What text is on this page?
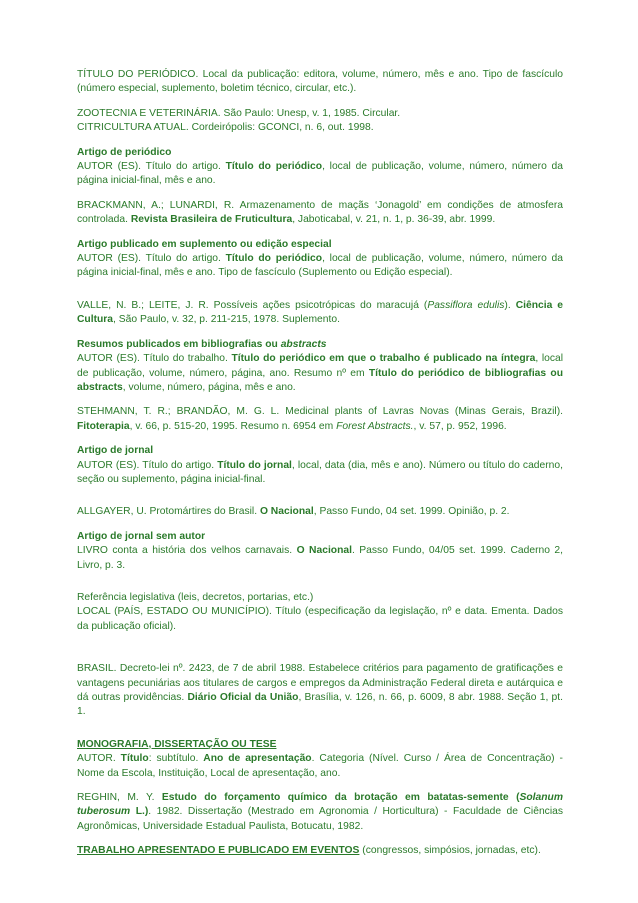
TÍTULO DO PERIÓDICO. Local da publicação: editora, volume, número, mês e ano. Tipo de fascículo (número especial, suplemento, boletim técnico, circular, etc.).

ZOOTECNIA E VETERINÁRIA. São Paulo: Unesp, v. 1, 1985. Circular.
CITRICULTURA ATUAL. Cordeirópolis: GCONCI, n. 6, out. 1998.

Artigo de periódico
AUTOR (ES). Título do artigo. Título do periódico, local de publicação, volume, número, número da página inicial-final, mês e ano.

BRACKMANN, A.; LUNARDI, R. Armazenamento de maçãs ‘Jonagold’ em condições de atmosfera controlada. Revista Brasileira de Fruticultura, Jaboticabal, v. 21, n. 1, p. 36-39, abr. 1999.

Artigo publicado em suplemento ou edição especial
AUTOR (ES). Título do artigo. Título do periódico, local de publicação, volume, número, número da página inicial-final, mês e ano. Tipo de fascículo (Suplemento ou Edição especial).

VALLE, N. B.; LEITE, J. R. Possíveis ações psicotrópicas do maracujá (Passiflora edulis). Ciência e Cultura, São Paulo, v. 32, p. 211-215, 1978. Suplemento.

Resumos publicados em bibliografias ou abstracts
AUTOR (ES). Título do trabalho. Título do periódico em que o trabalho é publicado na íntegra, local de publicação, volume, número, página, ano. Resumo nº em Título do periódico de bibliografias ou abstracts, volume, número, página, mês e ano.

STEHMANN, T. R.; BRANDÃO, M. G. L. Medicinal plants of Lavras Novas (Minas Gerais, Brazil). Fitoterapia, v. 66, p. 515-20, 1995. Resumo n. 6954 em Forest Abstracts., v. 57, p. 952, 1996.

Artigo de jornal
AUTOR (ES). Título do artigo. Título do jornal, local, data (dia, mês e ano). Número ou título do caderno, seção ou suplemento, página inicial-final.

ALLGAYER, U. Protomártires do Brasil. O Nacional, Passo Fundo, 04 set. 1999. Opinião, p. 2.

Artigo de jornal sem autor
LIVRO conta a história dos velhos carnavais. O Nacional. Passo Fundo, 04/05 set. 1999. Caderno 2, Livro, p. 3.

Referência legislativa (leis, decretos, portarias, etc.)
LOCAL (PAÍS, ESTADO OU MUNICÍPIO). Título (especificação da legislação, nº e data. Ementa. Dados da publicação oficial).

BRASIL. Decreto-lei nº. 2423, de 7 de abril 1988. Estabelece critérios para pagamento de gratificações e vantagens pecuniárias aos titulares de cargos e empregos da Administração Federal direta e autárquica e dá outras providências. Diário Oficial da União, Brasília, v. 126, n. 66, p. 6009, 8 abr. 1988. Seção 1, pt. 1.

MONOGRAFIA, DISSERTAÇÃO OU TESE
AUTOR. Título: subtítulo. Ano de apresentação. Categoria (Nível. Curso / Área de Concentração) - Nome da Escola, Instituição, Local de apresentação, ano.

REGHIN, M. Y. Estudo do forçamento químico da brotação em batatas-semente (Solanum tuberosum L.). 1982. Dissertação (Mestrado em Agronomia / Horticultura) - Faculdade de Ciências Agronômicas, Universidade Estadual Paulista, Botucatu, 1982.

TRABALHO APRESENTADO E PUBLICADO EM EVENTOS (congressos, simpósios, jornadas, etc).
